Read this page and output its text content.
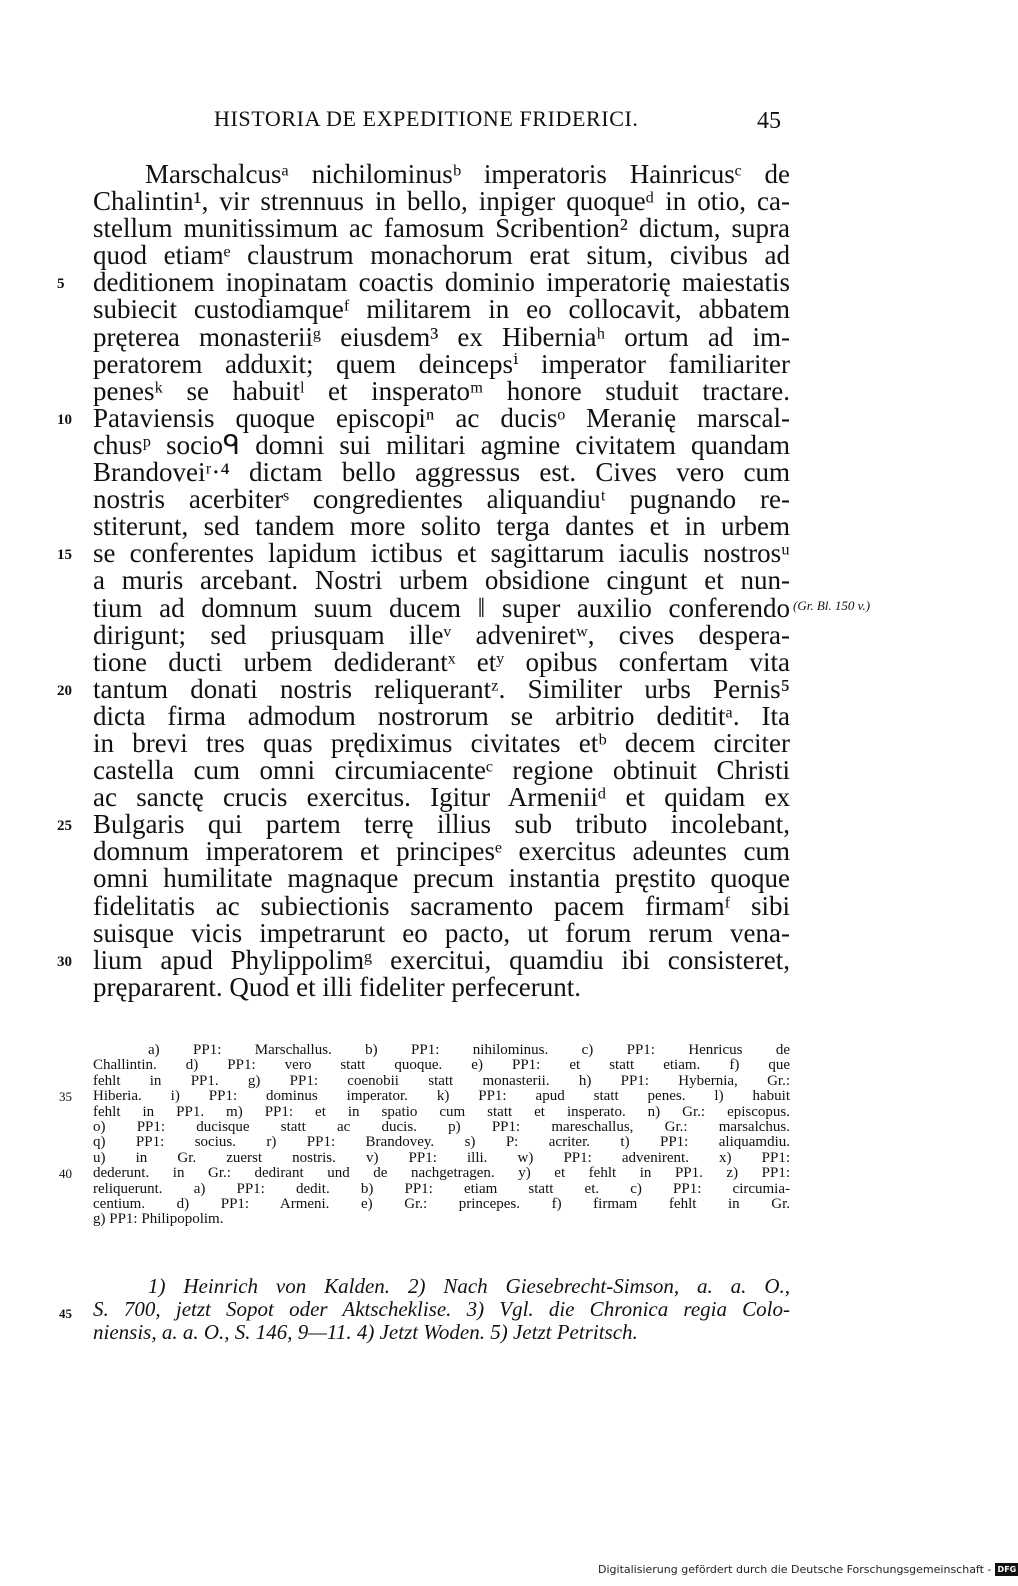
HISTORIA DE EXPEDITIONE FRIDERICI.	45
Marschalcusᵃ nichilominusᵇ imperatoris Hainricusᶜ de
Chalintin¹, vir strennuus in bello, inpiger quoqueᵈ in otio, ca-
stellum munitissimum ac famosum Scribention² dictum, supra
quod etiamᵉ claustrum monachorum erat situm, civibus ad
5	deditionem inopinatam coactis dominio imperatorię maiestatis
subiecit custodiamqueᶠ militarem in eo collocavit, abbatem
pręterea monasteriiᵍ eiusdem³ ex Hiberniaʰ ortum ad im-
peratorem adduxit; quem deincepsⁱ imperator familiariter
penesᵏ se habuitˡ et insperatoᵐ honore studuit tractare.
10 Pataviensis quoque episcopiⁿ ac ducisᵒ Meranię marscal-
chusᵖ socioᑫ domni sui militari agmine civitatem quandam
Brandoveiʳ·⁴ dictam bello aggressus est. Cives vero cum
nostris acerbiterˢ congredientes aliquandiuᵗ pugnando re-
stiterunt, sed tandem more solito terga dantes et in urbem
15 se conferentes lapidum ictibus et sagittarum iaculis nostrosᵘ
a muris arcebant. Nostri urbem obsidione cingunt et nun-
tium ad domnum suum ducem ‖ super auxilio conferendo
dirigunt; sed priusquam illeᵛ adveniretʷ, cives despera-
tione ducti urbem dediderantˣ etʸ opibus confertam vita
20 tantum donati nostris reliquerantᶻ. Similiter urbs Pernis⁵
dicta firma admodum nostrorum se arbitrio dedititᵃ. Ita
in brevi tres quas prędiximus civitates etᵇ decem circiter
castella cum omni circumiacenteᶜ regione obtinuit Christi
ac sanctę crucis exercitus. Igitur Armeniiᵈ et quidam ex
25 Bulgaris qui partem terrę illius sub tributo incolebant,
domnum imperatorem et principesᵉ exercitus adeuntes cum
omni humilitate magnaque precum instantia pręstito quoque
fidelitatis ac subiectionis sacramento pacem firmamᶠ sibi
suisque vicis impetrarunt eo pacto, ut forum rerum vena-
30 lium apud Phylippolimᵍ exercitui, quamdiu ibi consisteret,
prępararent. Quod et illi fideliter perfecerunt.
(Gr. Bl. 150 v.)
a) PP1: Marschallus. b) PP1: nihilominus. c) PP1: Henricus de
Challintin. d) PP1: vero statt quoque. e) PP1: et statt etiam. f) que
fehlt in PP1. g) PP1: coenobii statt monasterii. h) PP1: Hybernia, Gr.:
35	Hiberia. i) PP1: dominus imperator. k) PP1: apud statt penes. l) habuit
fehlt in PP1. m) PP1: et in spatio cum statt et insperato. n) Gr.: episcopus.
o) PP1: ducisque statt ac ducis. p) PP1: mareschallus, Gr.: marsalchus.
q) PP1: socius. r) PP1: Brandovey. s) P: acriter. t) PP1: aliquamdiu.
u) in Gr. zuerst nostris. v) PP1: illi. w) PP1: advenirent. x) PP1:
40	dederunt. in Gr.: dedirant und de nachgetragen. y) et fehlt in PP1. z) PP1:
reliquerunt. a) PP1: dedit. b) PP1: etiam statt et. c) PP1: circumia-
centium. d) PP1: Armeni. e) Gr.: princepes. f) firmam fehlt in Gr.
g) PP1: Philipopolim.
1) Heinrich von Kalden. 2) Nach Giesebrecht-Simson, a. a. O.,
45	S. 700, jetzt Sopot oder Aktscheklise. 3) Vgl. die Chronica regia Colo-
niensis, a. a. O., S. 146, 9—11. 4) Jetzt Woden. 5) Jetzt Petritsch.
Digitalisierung gefördert durch die Deutsche Forschungsgemeinschaft - DFG
